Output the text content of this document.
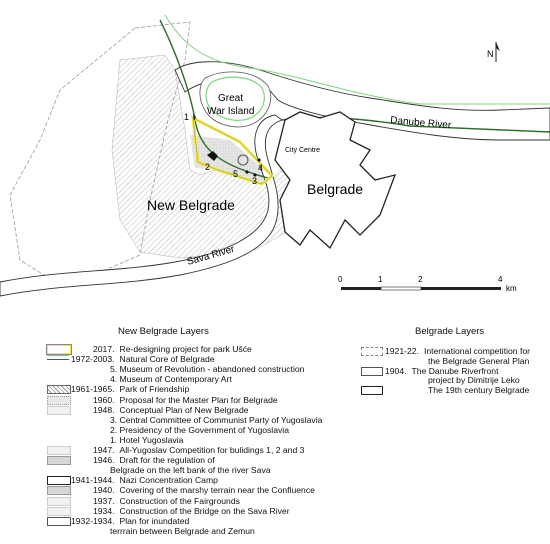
1
2
3
4
5
Great
War Island
Danube River
Sava River
City Centre
Belgrade
New Belgrade
N
0	1	2	4
km
New Belgrade Layers
2017. Re-designing project for park Ušće
1972-2003. Natural Core of Belgrade
5. Museum of Revolution - abandoned construction
4. Museum of Contemporary Art
1961-1965. Park of Friendship
1960. Proposal for the Master Plan for Belgrade
1948. Conceptual Plan of New Belgrade
3. Central Committee of Communist Party of Yugoslavia
2. Presidency of the Government of Yugoslavia
1. Hotel Yugoslavia
1947. All-Yugoslav Competition for bulidings 1, 2 and 3
1946. Draft for the regulation of
Belgrade on the left bank of the river Sava
1941-1944. Nazi Concentration Camp
1940. Covering of the marshy terrain near the Confluence
1937. Construction of the Fairgrounds
1934. Construction of the Bridge on the Sava River
1932-1934. Plan for inundated
terrrain between Belgrade and Zemun
Belgrade Layers
1921-22. International competition for
the Belgrade General Plan
1904. The Danube Riverfront
project by Dimitrije Leko
The 19th century Belgrade
